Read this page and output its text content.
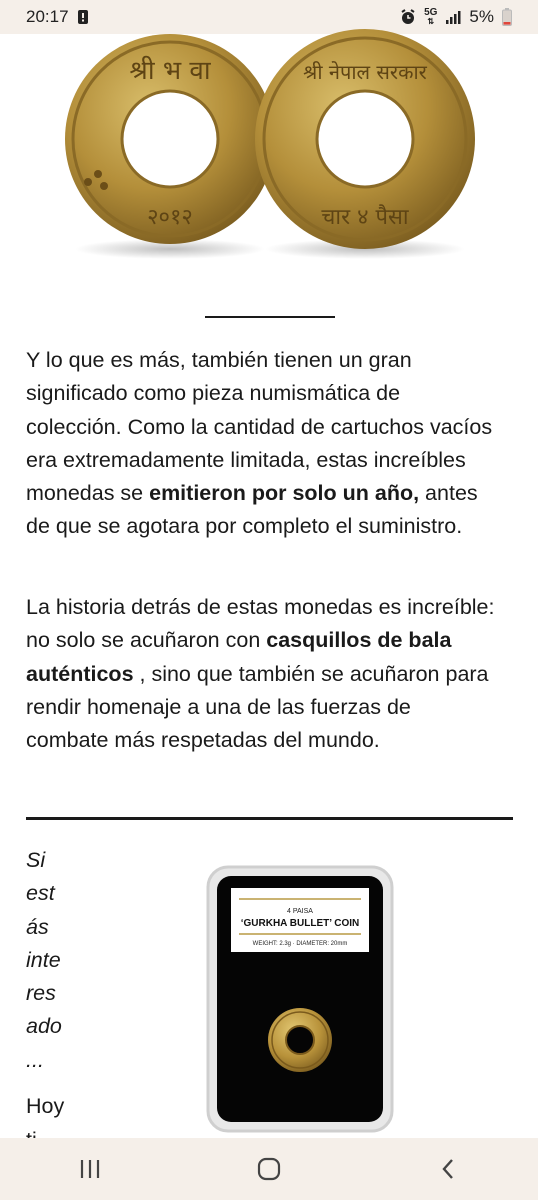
20:17	5G
⇅ 5%
श्री भ वा
२०१२
श्री नेपाल सरकार
चार ४ पैसा

Y lo que es más, también tienen un gran significado como pieza numismática de colección. Como la cantidad de cartuchos vacíos era extremadamente limitada, estas increíbles monedas se emitieron por solo un año, antes de que se agotara por completo el suministro.

La historia detrás de estas monedas es increíble: no solo se acuñaron con casquillos de bala auténticos , sino que también se acuñaron para rendir homenaje a una de las fuerzas de combate más respetadas del mundo.

Si
est
ás
inte
res
ado
...
Hoy
4 PAISA
‘GURKHA BULLET’ COIN
WEIGHT: 2.3g · DIAMETER: 20mm
